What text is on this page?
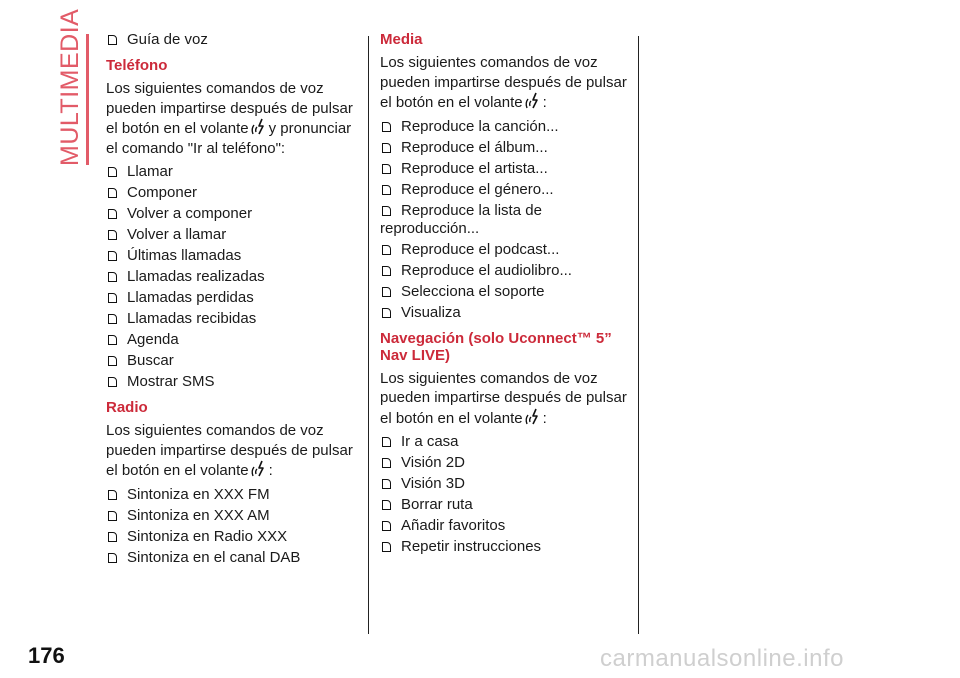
MULTIMEDIA	Guía de voz
Teléfono
Los siguientes comandos de voz pueden impartirse después de pulsar el botón en el volante y pronunciar el comando "Ir al teléfono":
Llamar
Componer
Volver a componer
Volver a llamar
Últimas llamadas
Llamadas realizadas
Llamadas perdidas
Llamadas recibidas
Agenda
Buscar
Mostrar SMS
Radio
Los siguientes comandos de voz pueden impartirse después de pulsar el botón en el volante :
Sintoniza en XXX FM
Sintoniza en XXX AM
Sintoniza en Radio XXX
Sintoniza en el canal DAB
Media
Los siguientes comandos de voz pueden impartirse después de pulsar el botón en el volante :
Reproduce la canción...
Reproduce el álbum...
Reproduce el artista...
Reproduce el género...
Reproduce la lista de reproducción...
Reproduce el podcast...
Reproduce el audiolibro...
Selecciona el soporte
Visualiza
Navegación (solo Uconnect™ 5” Nav LIVE)
Los siguientes comandos de voz pueden impartirse después de pulsar el botón en el volante :
Ir a casa
Visión 2D
Visión 3D
Borrar ruta
Añadir favoritos
Repetir instrucciones
176	carmanualsonline.info
